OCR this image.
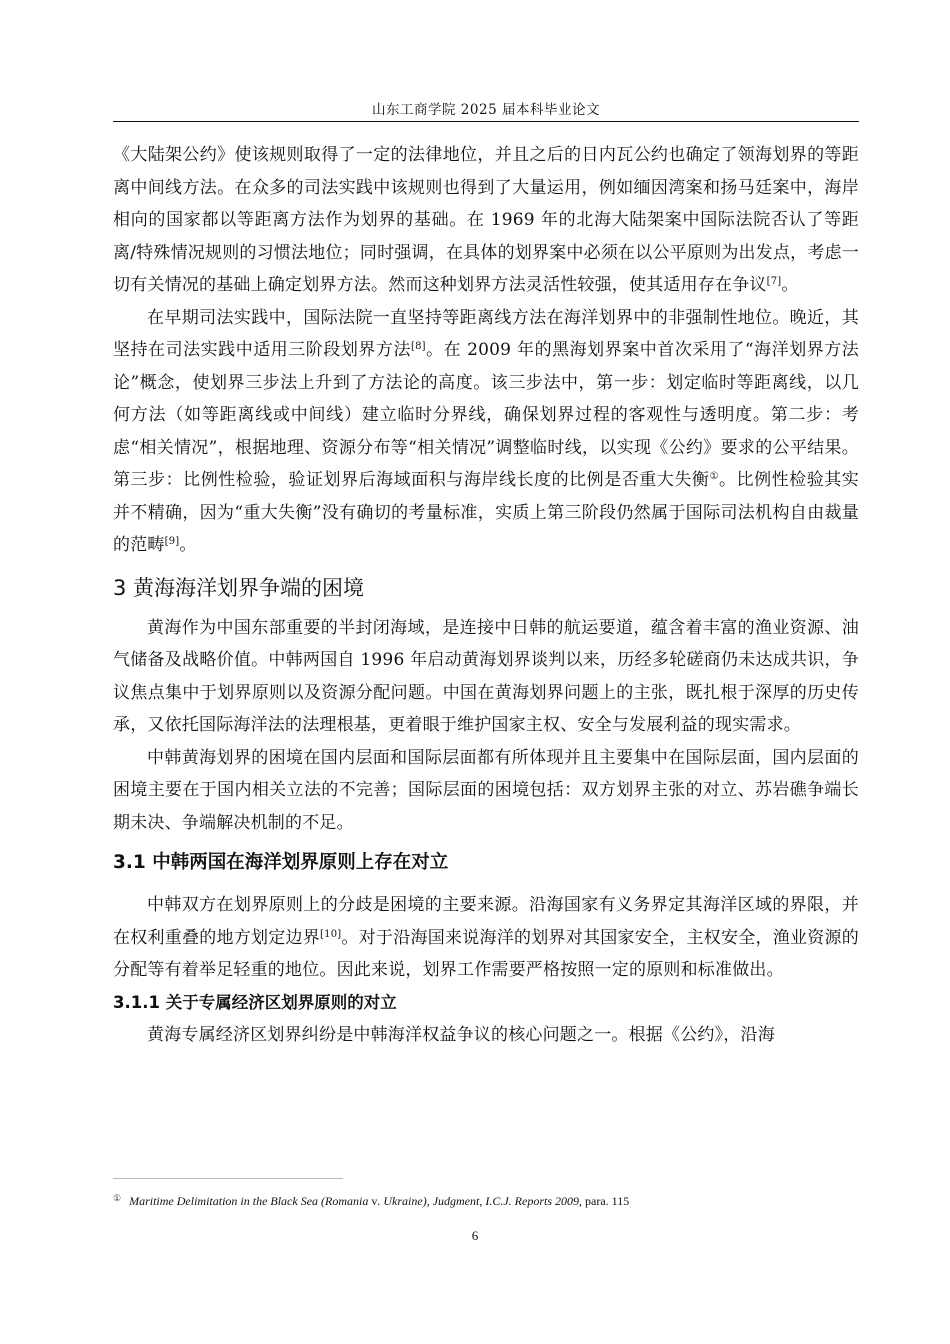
山东工商学院 2025 届本科毕业论文

《大陆架公约》使该规则取得了一定的法律地位，并且之后的日内瓦公约也确定了领海划界的等距离中间线方法。在众多的司法实践中该规则也得到了大量运用，例如缅因湾案和扬马廷案中，海岸相向的国家都以等距离方法作为划界的基础。在 1969 年的北海大陆架案中国际法院否认了等距离/特殊情况规则的习惯法地位；同时强调，在具体的划界案中必须在以公平原则为出发点，考虑一切有关情况的基础上确定划界方法。然而这种划界方法灵活性较强，使其适用存在争议[7]。

在早期司法实践中，国际法院一直坚持等距离线方法在海洋划界中的非强制性地位。晚近，其坚持在司法实践中适用三阶段划界方法[8]。在 2009 年的黑海划界案中首次采用了“海洋划界方法论”概念，使划界三步法上升到了方法论的高度。该三步法中，第一步：划定临时等距离线，以几何方法（如等距离线或中间线）建立临时分界线，确保划界过程的客观性与透明度。第二步：考虑“相关情况”，根据地理、资源分布等“相关情况”调整临时线，以实现《公约》要求的公平结果。第三步：比例性检验，验证划界后海域面积与海岸线长度的比例是否重大失衡①。比例性检验其实并不精确，因为“重大失衡”没有确切的考量标准，实质上第三阶段仍然属于国际司法机构自由裁量的范畴[9]。

3 黄海海洋划界争端的困境

黄海作为中国东部重要的半封闭海域，是连接中日韩的航运要道，蕴含着丰富的渔业资源、油气储备及战略价值。中韩两国自 1996 年启动黄海划界谈判以来，历经多轮磋商仍未达成共识，争议焦点集中于划界原则以及资源分配问题。中国在黄海划界问题上的主张，既扎根于深厚的历史传承，又依托国际海洋法的法理根基，更着眼于维护国家主权、安全与发展利益的现实需求。

中韩黄海划界的困境在国内层面和国际层面都有所体现并且主要集中在国际层面，国内层面的困境主要在于国内相关立法的不完善；国际层面的困境包括：双方划界主张的对立、苏岩礁争端长期未决、争端解决机制的不足。

3.1 中韩两国在海洋划界原则上存在对立

中韩双方在划界原则上的分歧是困境的主要来源。沿海国家有义务界定其海洋区域的界限，并在权利重叠的地方划定边界[10]。对于沿海国来说海洋的划界对其国家安全，主权安全，渔业资源的分配等有着举足轻重的地位。因此来说，划界工作需要严格按照一定的原则和标准做出。

3.1.1 关于专属经济区划界原则的对立

黄海专属经济区划界纠纷是中韩海洋权益争议的核心问题之一。根据《公约》，沿海

① Maritime Delimitation in the Black Sea (Romania v. Ukraine), Judgment, I.C.J. Reports 2009, para. 115
6
